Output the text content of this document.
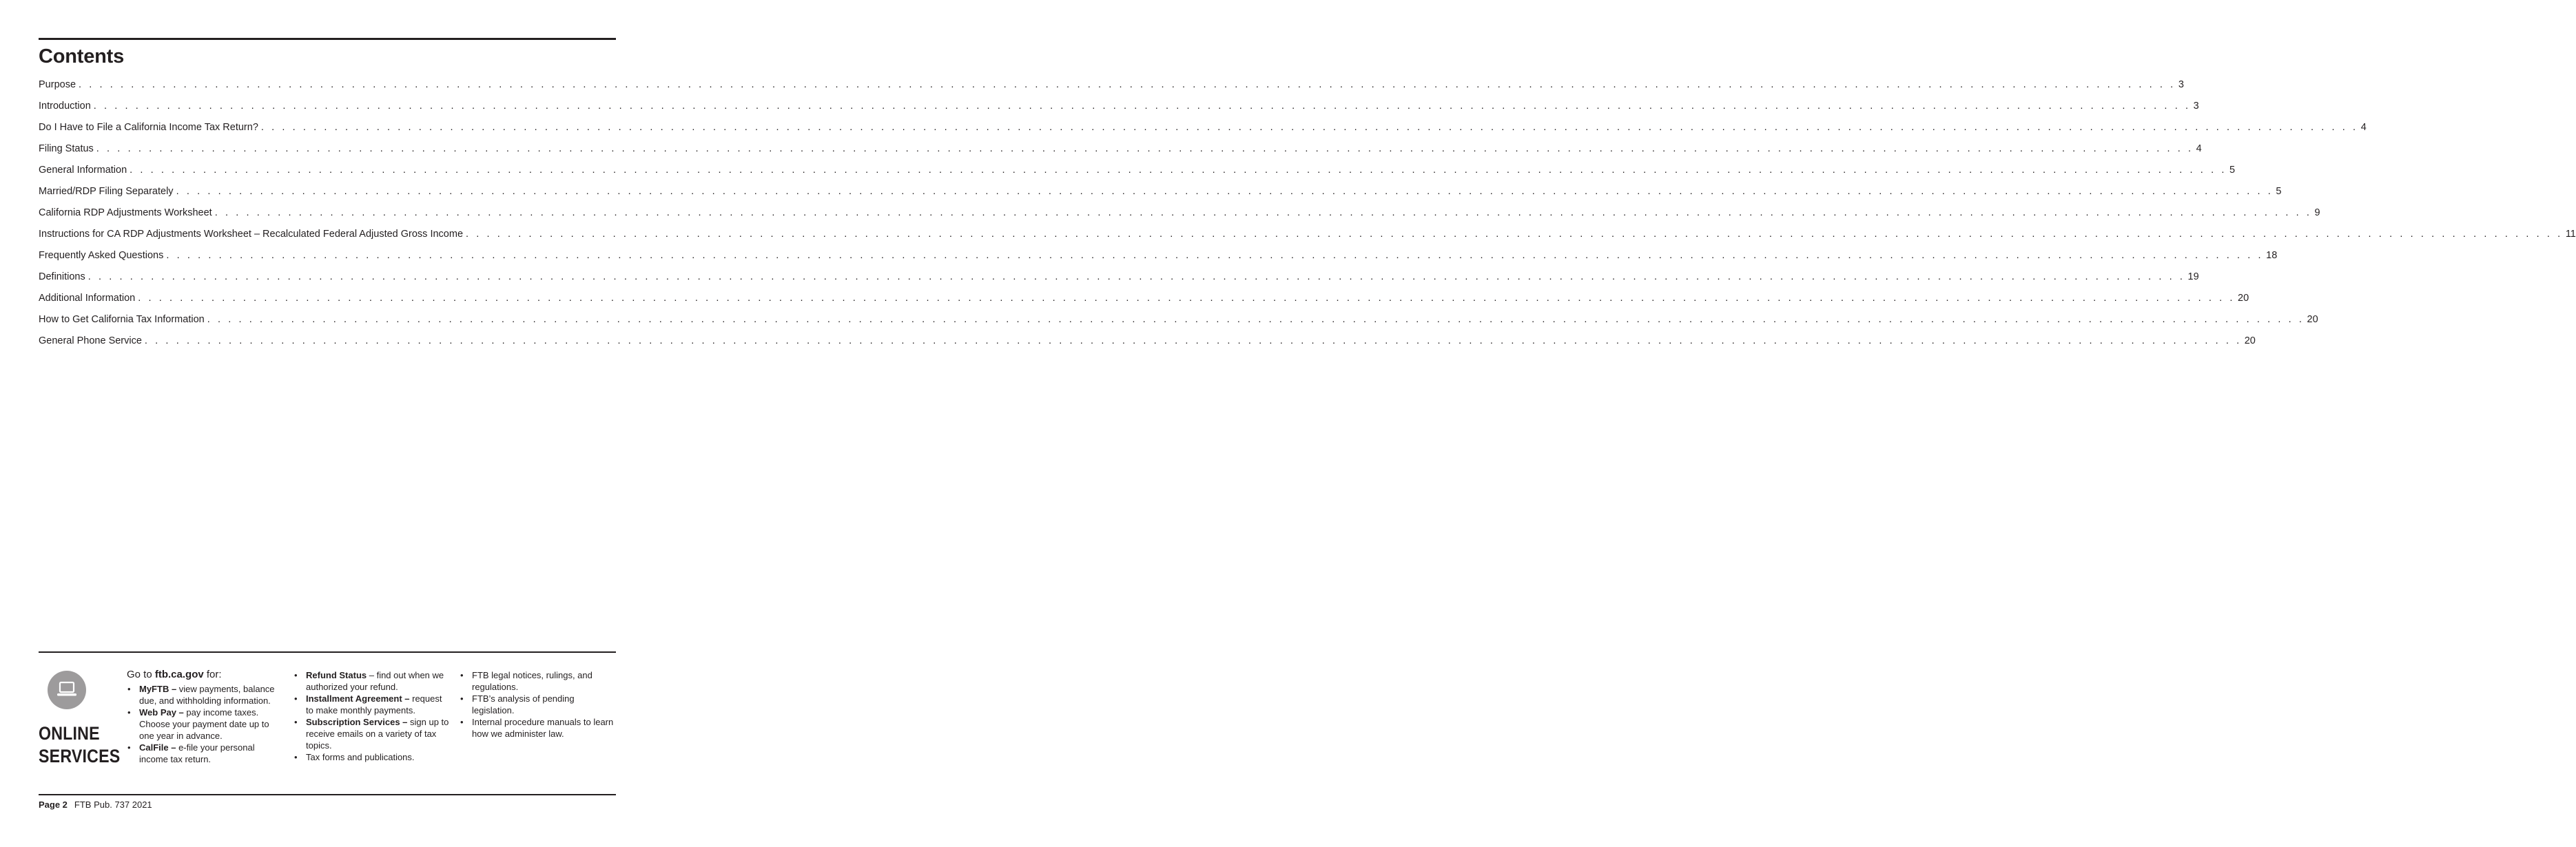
Contents
Purpose . . . . . . . . . . . . . . . . . . . . . . . . . . . . . . . . . . . . . . . . . . . . . . . . . . . . . . . . . . . . . . . . . . . . . . . . . . . . . . . . . . . . . . . . . . . . . . . . . . . . . . . . . . . . . . . . . . . . . . . . . . . . . . . . . . . . . . . . . . . . . . . . . . . . . . . . . . . . . . . . . . . . . . . . . . . . . . . . . . . . . . . . . . . . . . . . . . . . . . . . 3
Introduction . . . . . . . . . . . . . . . . . . . . . . . . . . . . . . . . . . . . . . . . . . . . . . . . . . . . . . . . . . . . . . . . . . . . . . . . . . . . . . . . . . . . . . . . . . . . . . . . . . . . . . . . . . . . . . . . . . . . . . . . . . . . . . . . . . . . . . . . . . . . . . . . . . . . . . . . . . . . . . . . . . . . . . . . . . . . . . . . . . . . . . . . . . . . . . . . . . . . . . . . 3
Do I Have to File a California Income Tax Return? . . . . . . . . . . . . . . . . . . . . . . . . . . . . . . . . . . . . . . . . . . . . . . . . . . . . . . . . . . . . . . . . . . . . . . . . . . . . . . . . . . . . . . . . . . . . . . . . . . . . . . . . . . . . . . . . . . . . . . . . . . . . . . . . . . . . . . . . . . . . . . . . . . . . . . . . . . . . . . . . . . . . . . . . . . . . . . . . . . . . . . . . . . . . . . . . . . . . . . . . 4
Filing Status . . . . . . . . . . . . . . . . . . . . . . . . . . . . . . . . . . . . . . . . . . . . . . . . . . . . . . . . . . . . . . . . . . . . . . . . . . . . . . . . . . . . . . . . . . . . . . . . . . . . . . . . . . . . . . . . . . . . . . . . . . . . . . . . . . . . . . . . . . . . . . . . . . . . . . . . . . . . . . . . . . . . . . . . . . . . . . . . . . . . . . . . . . . . . . . . . . . . . . . . 4
General Information . . . . . . . . . . . . . . . . . . . . . . . . . . . . . . . . . . . . . . . . . . . . . . . . . . . . . . . . . . . . . . . . . . . . . . . . . . . . . . . . . . . . . . . . . . . . . . . . . . . . . . . . . . . . . . . . . . . . . . . . . . . . . . . . . . . . . . . . . . . . . . . . . . . . . . . . . . . . . . . . . . . . . . . . . . . . . . . . . . . . . . . . . . . . . . . . . . . . . . . . 5
Married/RDP Filing Separately . . . . . . . . . . . . . . . . . . . . . . . . . . . . . . . . . . . . . . . . . . . . . . . . . . . . . . . . . . . . . . . . . . . . . . . . . . . . . . . . . . . . . . . . . . . . . . . . . . . . . . . . . . . . . . . . . . . . . . . . . . . . . . . . . . . . . . . . . . . . . . . . . . . . . . . . . . . . . . . . . . . . . . . . . . . . . . . . . . . . . . . . . . . . . . . . . . . . . . . . 5
California RDP Adjustments Worksheet . . . . . . . . . . . . . . . . . . . . . . . . . . . . . . . . . . . . . . . . . . . . . . . . . . . . . . . . . . . . . . . . . . . . . . . . . . . . . . . . . . . . . . . . . . . . . . . . . . . . . . . . . . . . . . . . . . . . . . . . . . . . . . . . . . . . . . . . . . . . . . . . . . . . . . . . . . . . . . . . . . . . . . . . . . . . . . . . . . . . . . . . . . . . . . . . . . . . . . . . 9
Instructions for CA RDP Adjustments Worksheet – Recalculated Federal Adjusted Gross Income . . . . . . . . . . . . . . . . . . . . . . . . . . . . . . . . . . . . . . . . . . . . . . . . . . . . . . . . . . . . . . . . . . . . . . . . . . . . . . . . . . . . . . . . . . . . . . . . . . . . . . . . . . . . . . . . . . . . . . . . . . . . . . . . . . . . . . . . . . . . . . . . . . . . . . . . . . . . . . . . . . . . . . . . . . . . . . . . . . . . . . . . . . . . . . . . . . . . . . . . 11
Frequently Asked Questions . . . . . . . . . . . . . . . . . . . . . . . . . . . . . . . . . . . . . . . . . . . . . . . . . . . . . . . . . . . . . . . . . . . . . . . . . . . . . . . . . . . . . . . . . . . . . . . . . . . . . . . . . . . . . . . . . . . . . . . . . . . . . . . . . . . . . . . . . . . . . . . . . . . . . . . . . . . . . . . . . . . . . . . . . . . . . . . . . . . . . . . . . . . . . . . . . . . . . . . . 18
Definitions . . . . . . . . . . . . . . . . . . . . . . . . . . . . . . . . . . . . . . . . . . . . . . . . . . . . . . . . . . . . . . . . . . . . . . . . . . . . . . . . . . . . . . . . . . . . . . . . . . . . . . . . . . . . . . . . . . . . . . . . . . . . . . . . . . . . . . . . . . . . . . . . . . . . . . . . . . . . . . . . . . . . . . . . . . . . . . . . . . . . . . . . . . . . . . . . . . . . . . . . 19
Additional Information . . . . . . . . . . . . . . . . . . . . . . . . . . . . . . . . . . . . . . . . . . . . . . . . . . . . . . . . . . . . . . . . . . . . . . . . . . . . . . . . . . . . . . . . . . . . . . . . . . . . . . . . . . . . . . . . . . . . . . . . . . . . . . . . . . . . . . . . . . . . . . . . . . . . . . . . . . . . . . . . . . . . . . . . . . . . . . . . . . . . . . . . . . . . . . . . . . . . . . . . 20
How to Get California Tax Information . . . . . . . . . . . . . . . . . . . . . . . . . . . . . . . . . . . . . . . . . . . . . . . . . . . . . . . . . . . . . . . . . . . . . . . . . . . . . . . . . . . . . . . . . . . . . . . . . . . . . . . . . . . . . . . . . . . . . . . . . . . . . . . . . . . . . . . . . . . . . . . . . . . . . . . . . . . . . . . . . . . . . . . . . . . . . . . . . . . . . . . . . . . . . . . . . . . . . . . . 20
General Phone Service . . . . . . . . . . . . . . . . . . . . . . . . . . . . . . . . . . . . . . . . . . . . . . . . . . . . . . . . . . . . . . . . . . . . . . . . . . . . . . . . . . . . . . . . . . . . . . . . . . . . . . . . . . . . . . . . . . . . . . . . . . . . . . . . . . . . . . . . . . . . . . . . . . . . . . . . . . . . . . . . . . . . . . . . . . . . . . . . . . . . . . . . . . . . . . . . . . . . . . . . 20
ONLINE
SERVICES
Go to ftb.ca.gov for:
• MyFTB – view payments, balance due, and withholding information.
• Web Pay – pay income taxes. Choose your payment date up to one year in advance.
• CalFile – e-file your personal income tax return.
• Refund Status – find out when we authorized your refund.
• Installment Agreement – request to make monthly payments.
• Subscription Services – sign up to receive emails on a variety of tax topics.
• Tax forms and publications.
• FTB legal notices, rulings, and regulations.
• FTB’s analysis of pending legislation.
• Internal procedure manuals to learn how we administer law.
Page 2 FTB Pub. 737 2021
